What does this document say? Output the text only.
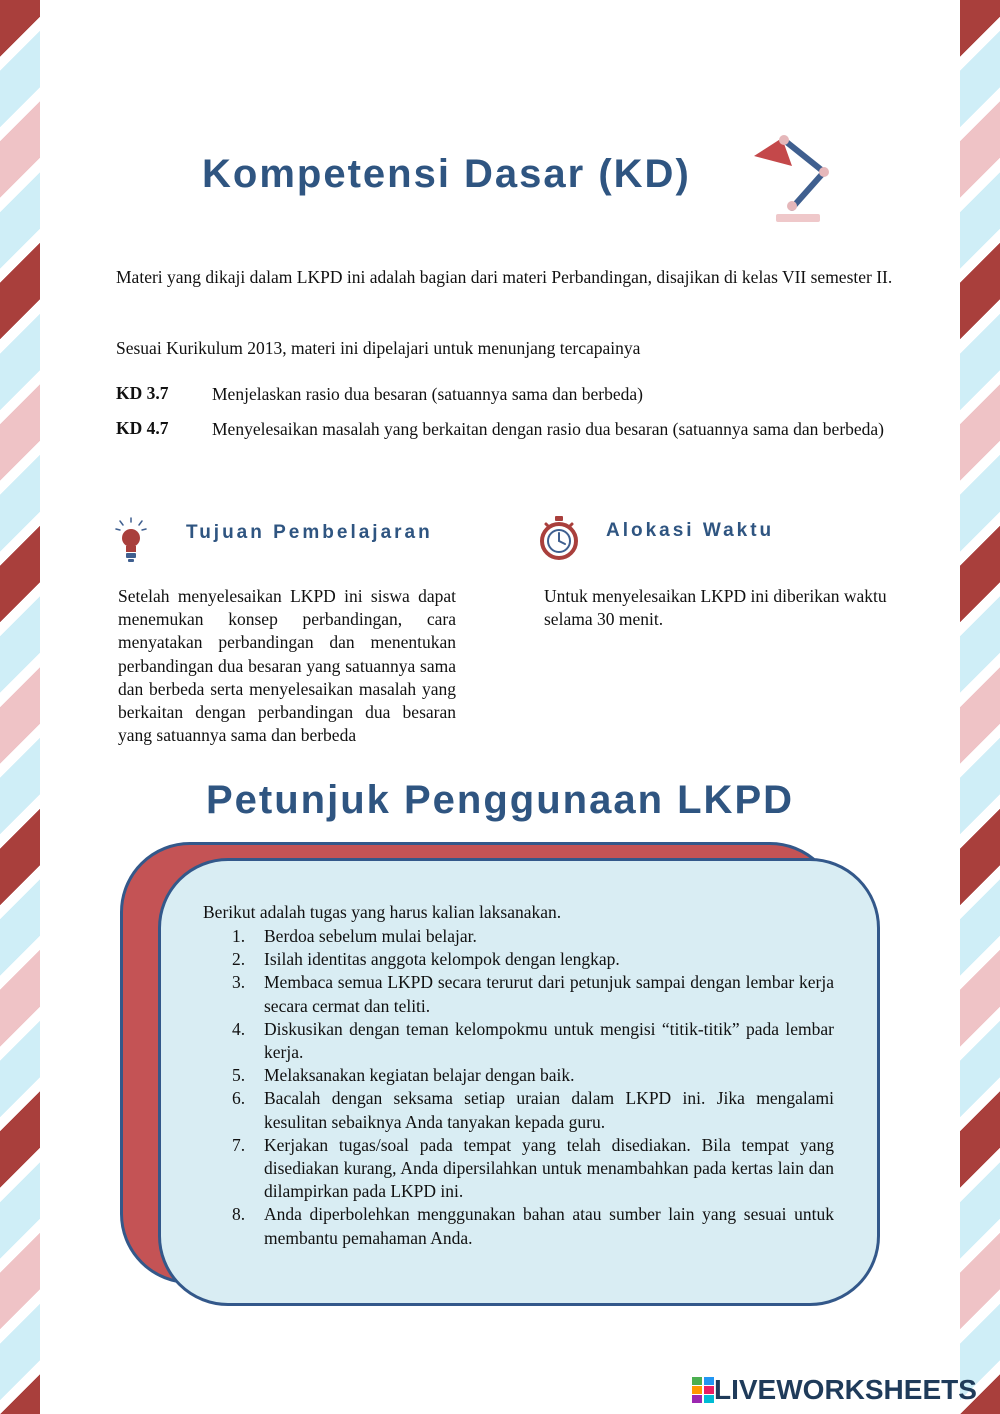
Kompetensi Dasar (KD)

Materi yang dikaji dalam LKPD ini adalah bagian dari materi Perbandingan, disajikan di kelas VII semester II.

Sesuai Kurikulum 2013, materi ini dipelajari untuk menunjang tercapainya

KD 3.7 Menjelaskan rasio dua besaran (satuannya sama dan berbeda)
KD 4.7 Menyelesaikan masalah yang berkaitan dengan rasio dua besaran (satuannya sama dan berbeda)
Tujuan Pembelajaran	Alokasi Waktu

Setelah menyelesaikan LKPD ini siswa dapat menemukan konsep perbandingan, cara menyatakan perbandingan dan menentukan perbandingan dua besaran yang satuannya sama dan berbeda serta menyelesaikan masalah yang berkaitan dengan perbandingan dua besaran yang satuannya sama dan berbeda

Untuk menyelesaikan LKPD ini diberikan waktu selama 30 menit.

Petunjuk Penggunaan LKPD

Berikut adalah tugas yang harus kalian laksanakan.

1. Berdoa sebelum mulai belajar.
2. Isilah identitas anggota kelompok dengan lengkap.
3. Membaca semua LKPD secara terurut dari petunjuk sampai dengan lembar kerja secara cermat dan teliti.
4. Diskusikan dengan teman kelompokmu untuk mengisi “titik-titik” pada lembar kerja.
5. Melaksanakan kegiatan belajar dengan baik.
6. Bacalah dengan seksama setiap uraian dalam LKPD ini. Jika mengalami kesulitan sebaiknya Anda tanyakan kepada guru.
7. Kerjakan tugas/soal pada tempat yang telah disediakan. Bila tempat yang disediakan kurang, Anda dipersilahkan untuk menambahkan pada kertas lain dan dilampirkan pada LKPD ini.
8. Anda diperbolehkan menggunakan bahan atau sumber lain yang sesuai untuk membantu pemahaman Anda.
LIVEWORKSHEETS
